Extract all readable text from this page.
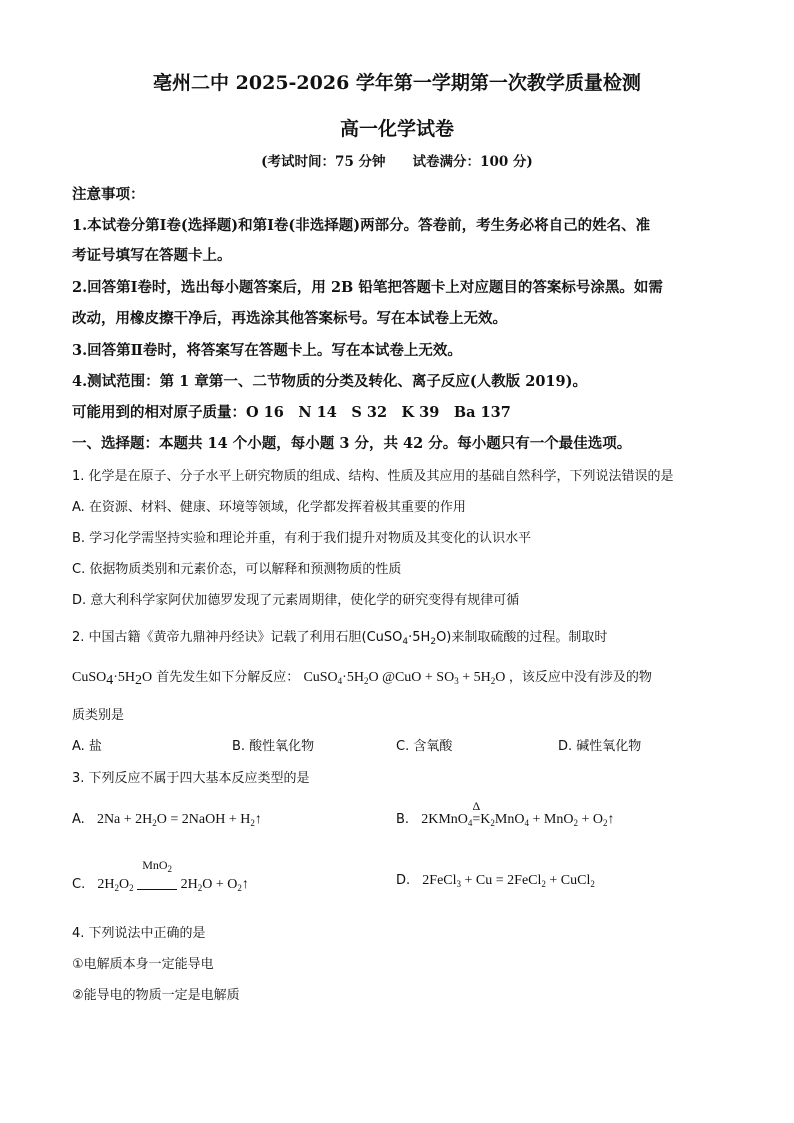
亳州二中 2025-2026 学年第一学期第一次教学质量检测
高一化学试卷
(考试时间：75 分钟　　试卷满分：100 分)
注意事项：
1.本试卷分第Ⅰ卷(选择题)和第Ⅰ卷(非选择题)两部分。答卷前，考生务必将自己的姓名、准
考证号填写在答题卡上。
2.回答第Ⅰ卷时，选出每小题答案后，用 2B 铅笔把答题卡上对应题目的答案标号涂黑。如需
改动，用橡皮擦干净后，再选涂其他答案标号。写在本试卷上无效。
3.回答第Ⅱ卷时，将答案写在答题卡上。写在本试卷上无效。
4.测试范围：第 1 章第一、二节物质的分类及转化、离子反应(人教版 2019)。
可能用到的相对原子质量：O 16　N 14　S 32　K 39　Ba 137
一、选择题：本题共 14 个小题，每小题 3 分，共 42 分。每小题只有一个最佳选项。
1. 化学是在原子、分子水平上研究物质的组成、结构、性质及其应用的基础自然科学，下列说法错误的是
A. 在资源、材料、健康、环境等领域，化学都发挥着极其重要的作用
B. 学习化学需坚持实验和理论并重，有利于我们提升对物质及其变化的认识水平
C. 依据物质类别和元素价态，可以解释和预测物质的性质
D. 意大利科学家阿伏加德罗发现了元素周期律，使化学的研究变得有规律可循
2. 中国古籍《黄帝九鼎神丹经诀》记载了利用石胆$(CuSO_4\cdot 5H_2O)$来制取硫酸的过程。制取时
$CuSO_4\cdot 5H_2O$ 首先发生如下分解反应： $CuSO_4\cdot 5H_2O$ @CuO + $SO_3 + 5H_2O$ ，该反应中没有涉及的物
质类别是
A. 盐	B. 酸性氧化物	C. 含氧酸	D. 碱性氧化物
3. 下列反应不属于四大基本反应类型的是
A. $2Na + 2H_2O$ = 2NaOH + $H_2↑$	B. 2KMnO$_4$
Δ
$=K_2MnO_4 + MnO_2$ + $O_2↑$
C. $2H_2O_2$
MnO$_2$
$2H_2O$ + $O_2↑$	D. 2FeCl$_3$ + Cu = 2FeCl$_2$ + CuCl$_2$
4. 下列说法中正确的是
①电解质本身一定能导电
②能导电的物质一定是电解质
